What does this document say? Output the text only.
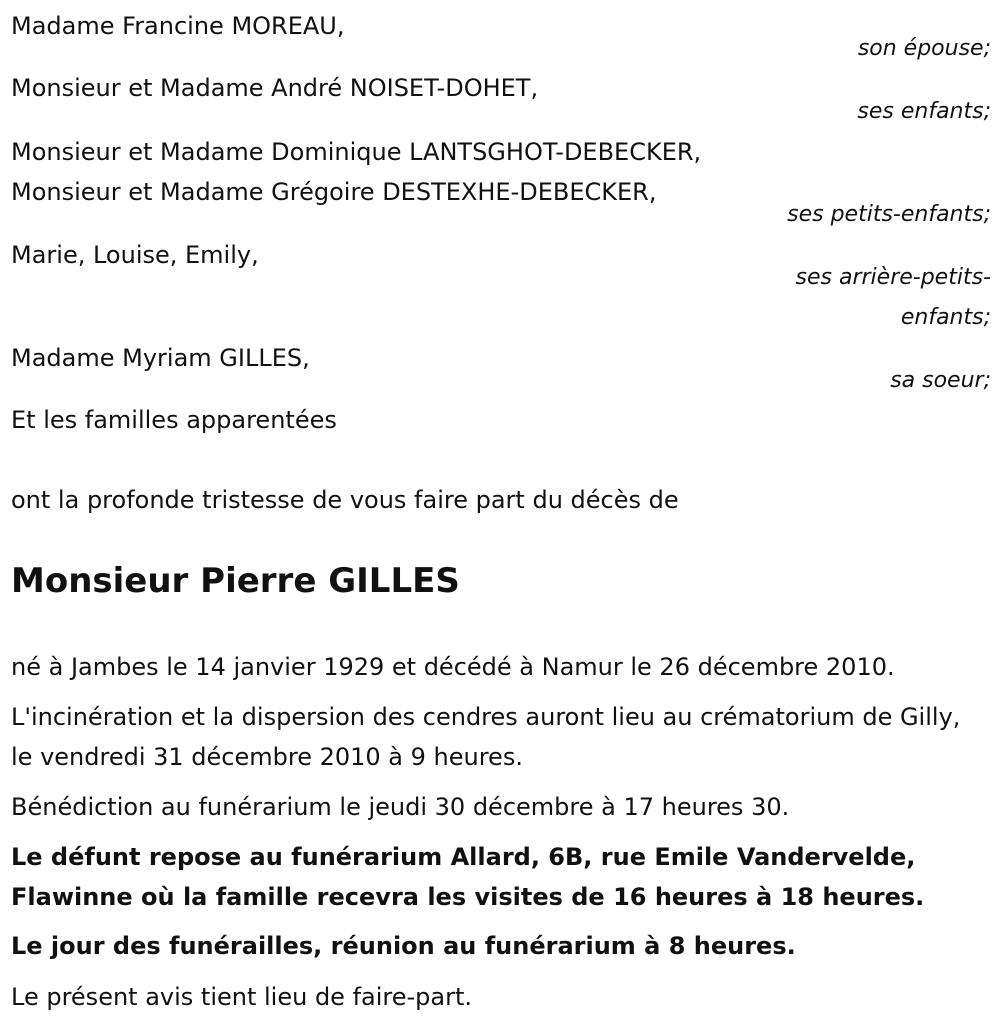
Madame Francine MOREAU,
son épouse;
Monsieur et Madame André NOISET-DOHET,
ses enfants;
Monsieur et Madame Dominique LANTSGHOT-DEBECKER,
Monsieur et Madame Grégoire DESTEXHE-DEBECKER,
ses petits-enfants;
Marie, Louise, Emily,
ses arrière-petits-
enfants;
Madame Myriam GILLES,
sa soeur;
Et les familles apparentées
ont la profonde tristesse de vous faire part du décès de
Monsieur Pierre GILLES
né à Jambes le 14 janvier 1929 et décédé à Namur le 26 décembre 2010.
L'incinération et la dispersion des cendres auront lieu au crématorium de Gilly, le vendredi 31 décembre 2010 à 9 heures.
Bénédiction au funérarium le jeudi 30 décembre à 17 heures 30.
Le défunt repose au funérarium Allard, 6B, rue Emile Vandervelde, Flawinne où la famille recevra les visites de 16 heures à 18 heures.
Le jour des funérailles, réunion au funérarium à 8 heures.
Le présent avis tient lieu de faire-part.
